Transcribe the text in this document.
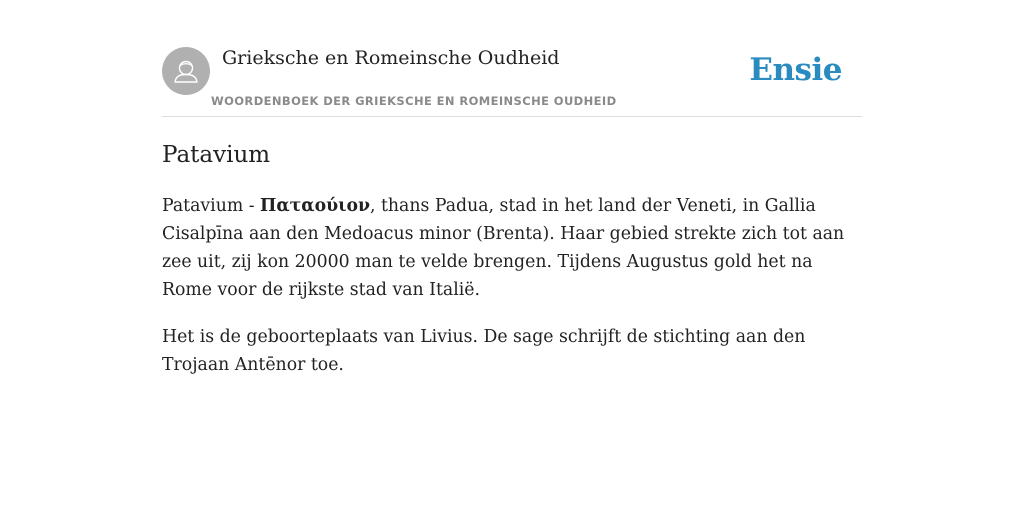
Grieksche en Romeinsche Oudheid
WOORDENBOEK DER GRIEKSCHE EN ROMEINSCHE OUDHEID
Ensie
Patavium

Patavium - Παταούιον, thans Padua, stad in het land der Veneti, in Gallia Cisalpīna aan den Medoacus minor (Brenta). Haar gebied strekte zich tot aan zee uit, zij kon 20000 man te velde brengen. Tijdens Augustus gold het na Rome voor de rijkste stad van Italië.

Het is de geboorteplaats van Livius. De sage schrijft de stichting aan den Trojaan Antēnor toe.
